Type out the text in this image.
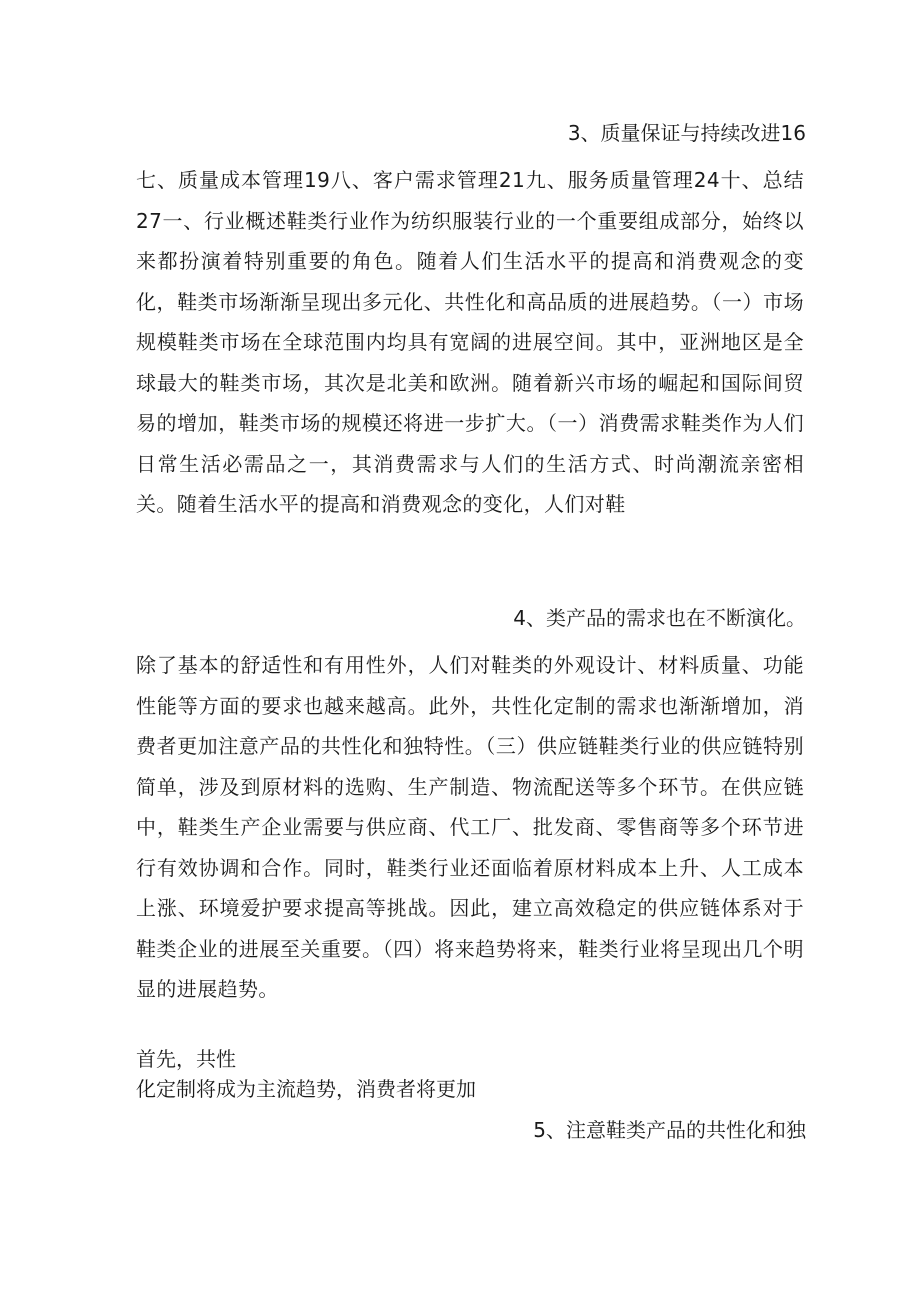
3、质量保证与持续改进16

七、质量成本管理19八、客户需求管理21九、服务质量管理24十、总结27一、行业概述鞋类行业作为纺织服装行业的一个重要组成部分，始终以来都扮演着特别重要的角色。随着人们生活水平的提高和消费观念的变化，鞋类市场渐渐呈现出多元化、共性化和高品质的进展趋势。（一）市场规模鞋类市场在全球范围内均具有宽阔的进展空间。其中，亚洲地区是全球最大的鞋类市场，其次是北美和欧洲。随着新兴市场的崛起和国际间贸易的增加，鞋类市场的规模还将进一步扩大。（一）消费需求鞋类作为人们日常生活必需品之一，其消费需求与人们的生活方式、时尚潮流亲密相关。随着生活水平的提高和消费观念的变化，人们对鞋

4、类产品的需求也在不断演化。

除了基本的舒适性和有用性外，人们对鞋类的外观设计、材料质量、功能性能等方面的要求也越来越高。此外，共性化定制的需求也渐渐增加，消费者更加注意产品的共性化和独特性。（三）供应链鞋类行业的供应链特别简单，涉及到原材料的选购、生产制造、物流配送等多个环节。在供应链中，鞋类生产企业需要与供应商、代工厂、批发商、零售商等多个环节进行有效协调和合作。同时，鞋类行业还面临着原材料成本上升、人工成本上涨、环境爱护要求提高等挑战。因此，建立高效稳定的供应链体系对于鞋类企业的进展至关重要。（四）将来趋势将来，鞋类行业将呈现出几个明显的进展趋势。

首先，共性

化定制将成为主流趋势，消费者将更加

5、注意鞋类产品的共性化和独
